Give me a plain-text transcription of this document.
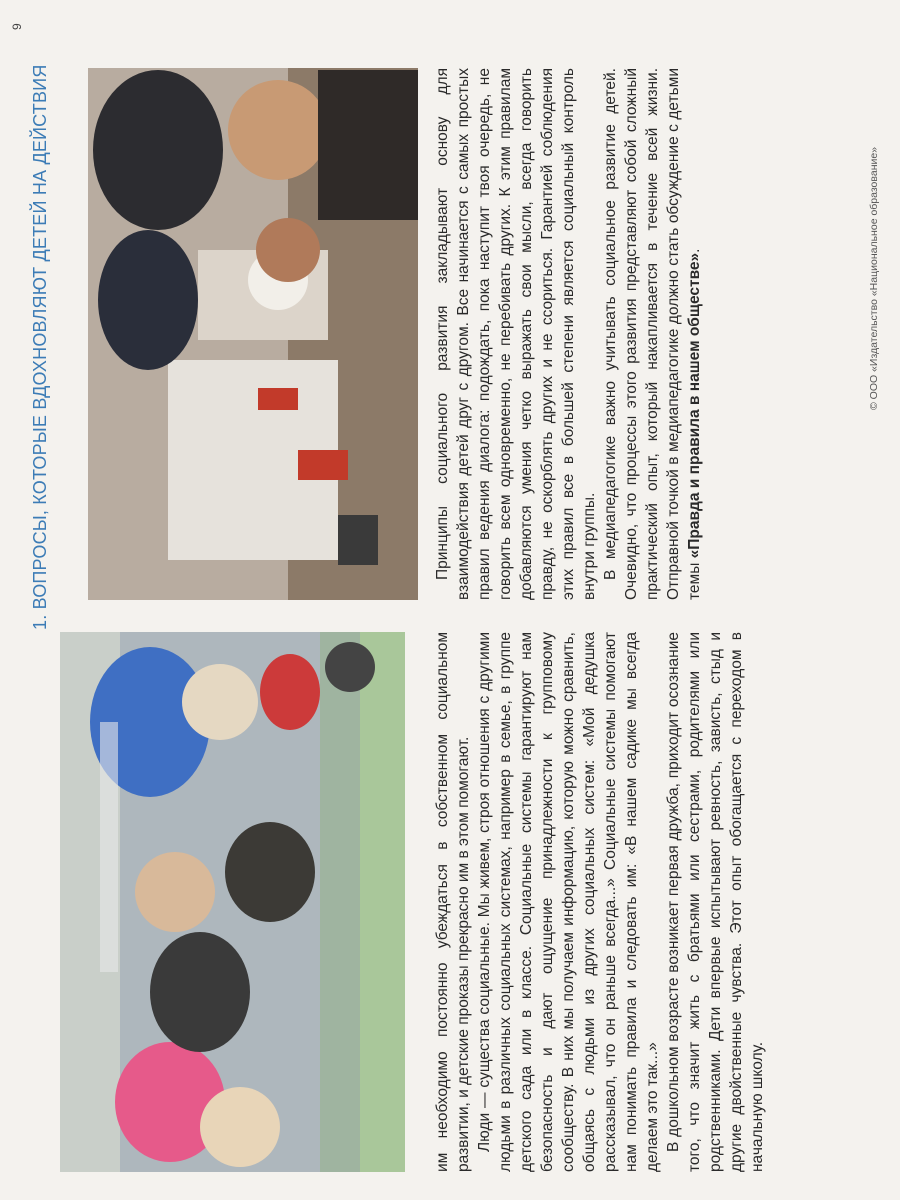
1. ВОПРОСЫ, КОТОРЫЕ ВДОХНОВЛЯЮТ ДЕТЕЙ НА ДЕЙСТВИЯ
9

им необходимо постоянно убеждаться в собственном социальном развитии, и детские проказы прекрасно им в этом помогают. Люди — существа социальные. Мы живем, строя отношения с другими людьми в различных социальных системах, например в семье, в группе детского сада или в классе. Социальные системы гарантируют нам безопасность и дают ощущение принадлежности к групповому сообществу. В них мы получаем информацию, которую можно сравнить, общаясь с людьми из других социальных систем: «Мой дедушка рассказывал, что он раньше всегда...» Социальные системы помогают нам понимать правила и следовать им: «В нашем садике мы всегда делаем это так...» В дошкольном возрасте возникает первая дружба, приходит осознание того, что значит жить с братьями или сестрами, родителями или родственниками. Дети впервые испытывают ревность, зависть, стыд и другие двойственные чувства. Этот опыт обогащается с переходом в начальную школу.

Принципы социального развития закладывают основу для взаимодействия детей друг с другом. Все начинается с самых простых правил ведения диалога: подождать, пока наступит твоя очередь, не говорить всем одновременно, не перебивать других. К этим правилам добавляются умения четко выражать свои мысли, всегда говорить правду, не оскорблять других и не ссориться. Гарантией соблюдения этих правил все в большей степени является социальный контроль внутри группы. В медиапедагогике важно учитывать социальное развитие детей. Очевидно, что процессы этого развития представляют собой сложный практический опыт, который накапливается в течение всей жизни. Отправной точкой в медиапедагогике должно стать обсуждение с детьми темы «Правда и правила в нашем обществе».	© ООО «Издательство «Национальное образование»
